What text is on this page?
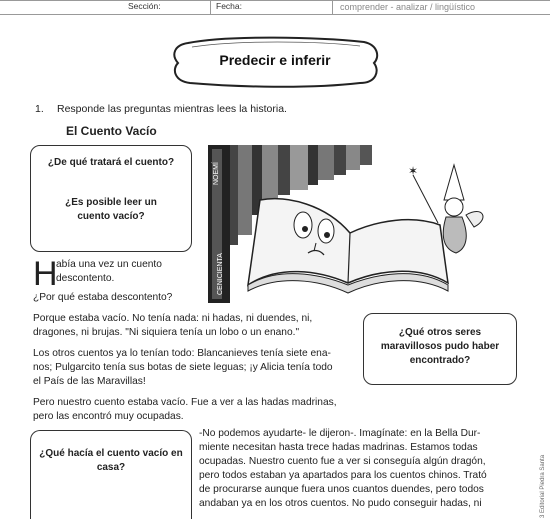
Sección:	Fecha:	comprender - analizar / lingüístico
Predecir e inferir
1. Responde las preguntas mientras lees la historia.
El Cuento Vacío
¿De qué tratará el cuento?
¿Es posible leer un cuento vacío?
✶
NOEMÍ
CENICIENTA
¿Qué otros seres maravillosos pudo haber encontrado?
¿Qué hacía el cuento vacío en casa?
H
abía una vez un cuento
descontento.
¿Por qué estaba descontento?
Porque estaba vacío. No tenía nada: ni hadas, ni duendes, ni,
dragones, ni brujas. "Ni siquiera tenía un lobo o un enano."
Los otros cuentos ya lo tenían todo: Blancanieves tenía siete ena-
nos; Pulgarcito tenía sus botas de siete leguas; ¡y Alicia tenía todo
el País de las Maravillas!
Pero nuestro cuento estaba vacío. Fue a ver a las hadas madrinas,
pero las encontró muy ocupadas.
-No podemos ayudarte- le dijeron-. Imagínate: en la Bella Dur-
miente necesitan hasta trece hadas madrinas. Estamos todas
ocupadas. Nuestro cuento fue a ver si conseguía algún dragón,
pero todos estaban ya apartados para los cuentos chinos. Trató
de procurarse aunque fuera unos cuantos duendes, pero todos
andaban ya en los otros cuentos. No pudo conseguir hadas, ni	3 Editorial Piedra Santa
